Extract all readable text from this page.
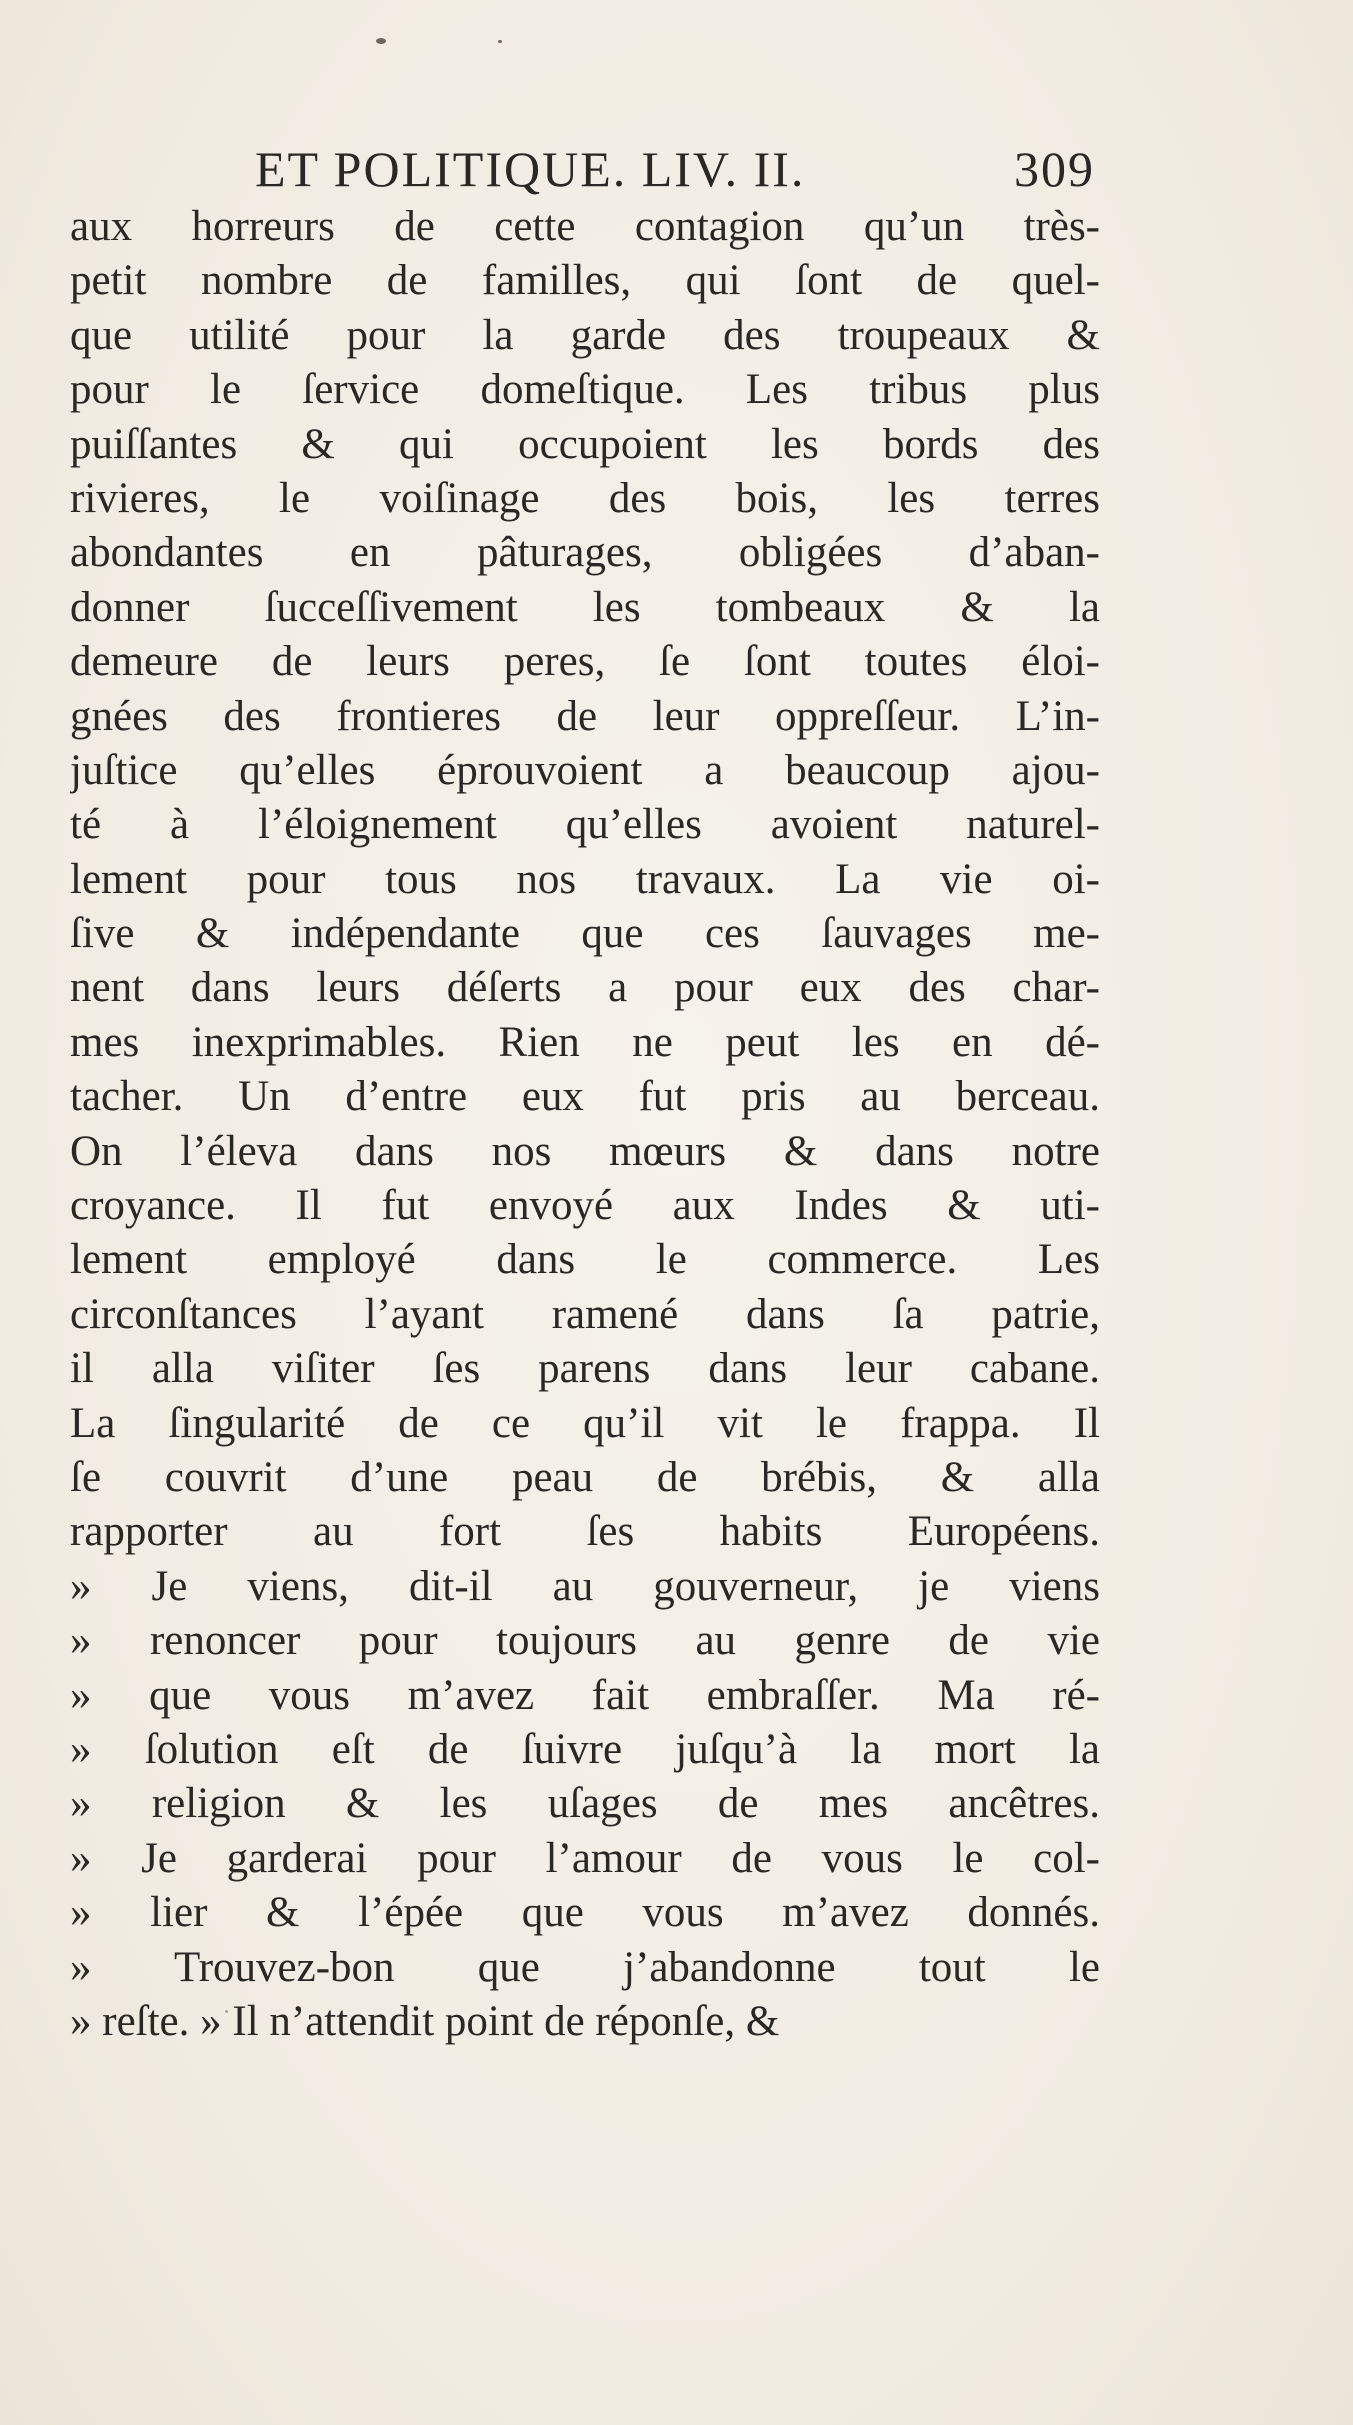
ET POLITIQUE. LIV. II.	309
aux horreurs de cette contagion qu’un très-
petit nombre de familles, qui ſont de quel-
que utilité pour la garde des troupeaux &
pour le ſervice domeſtique. Les tribus plus
puiſſantes & qui occupoient les bords des
rivieres, le voiſinage des bois, les terres
abondantes en pâturages, obligées d’aban-
donner ſucceſſivement les tombeaux & la
demeure de leurs peres, ſe ſont toutes éloi-
gnées des frontieres de leur oppreſſeur. L’in-
juſtice qu’elles éprouvoient a beaucoup ajou-
té à l’éloignement qu’elles avoient naturel-
lement pour tous nos travaux. La vie oi-
ſive & indépendante que ces ſauvages me-
nent dans leurs déſerts a pour eux des char-
mes inexprimables. Rien ne peut les en dé-
tacher. Un d’entre eux fut pris au berceau.
On l’éleva dans nos mœurs & dans notre
croyance. Il fut envoyé aux Indes & uti-
lement employé dans le commerce. Les
circonſtances l’ayant ramené dans ſa patrie,
il alla viſiter ſes parens dans leur cabane.
La ſingularité de ce qu’il vit le frappa. Il
ſe couvrit d’une peau de brébis, & alla
rapporter au fort ſes habits Européens.
» Je viens, dit-il au gouverneur, je viens
» renoncer pour toujours au genre de vie
» que vous m’avez fait embraſſer. Ma ré-
» ſolution eſt de ſuivre juſqu’à la mort la
» religion & les uſages de mes ancêtres.
» Je garderai pour l’amour de vous le col-
» lier & l’épée que vous m’avez donnés.
» Trouvez-bon que j’abandonne tout le
» reſte. » Il n’attendit point de réponſe, &
